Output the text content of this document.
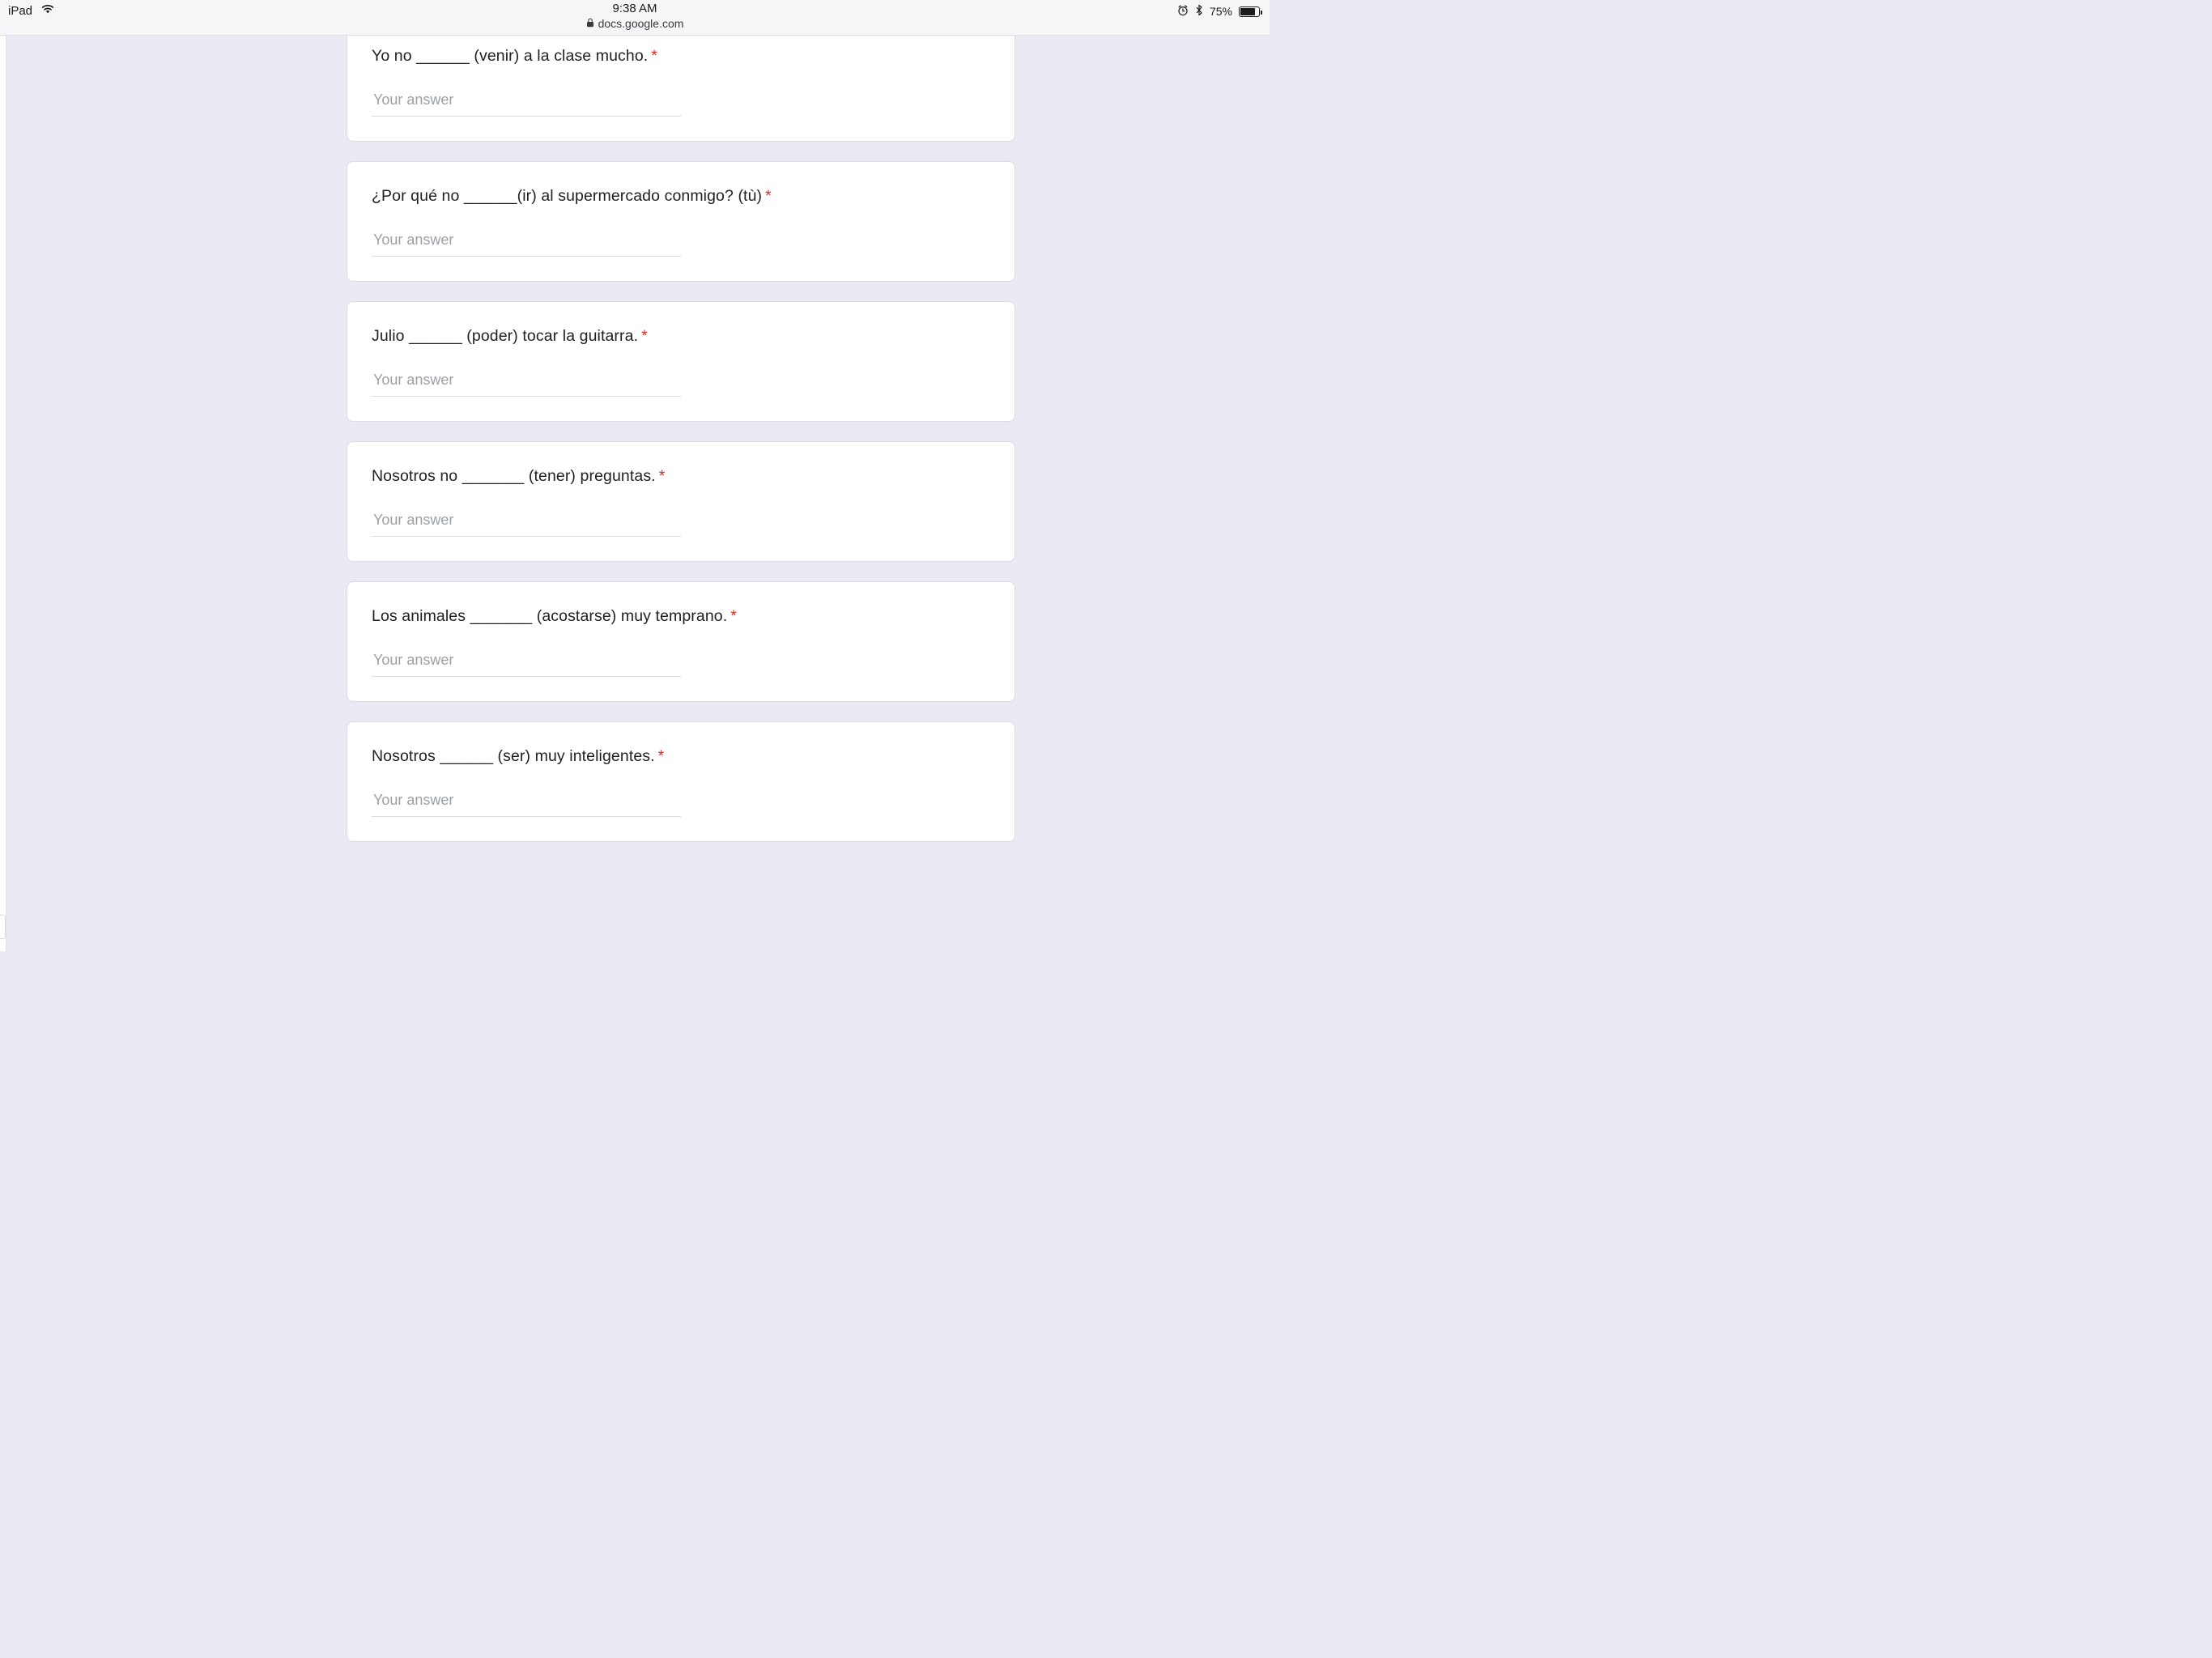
iPad	9:38 AM
docs.google.com
75%
Yo no ______ (venir) a la clase mucho. *
Your answer
¿Por qué no ______(ir) al supermercado conmigo? (tù) *
Your answer
Julio ______ (poder) tocar la guitarra. *
Your answer
Nosotros no _______ (tener) preguntas. *
Your answer
Los animales _______ (acostarse) muy temprano. *
Your answer
Nosotros ______ (ser) muy inteligentes. *
Your answer
